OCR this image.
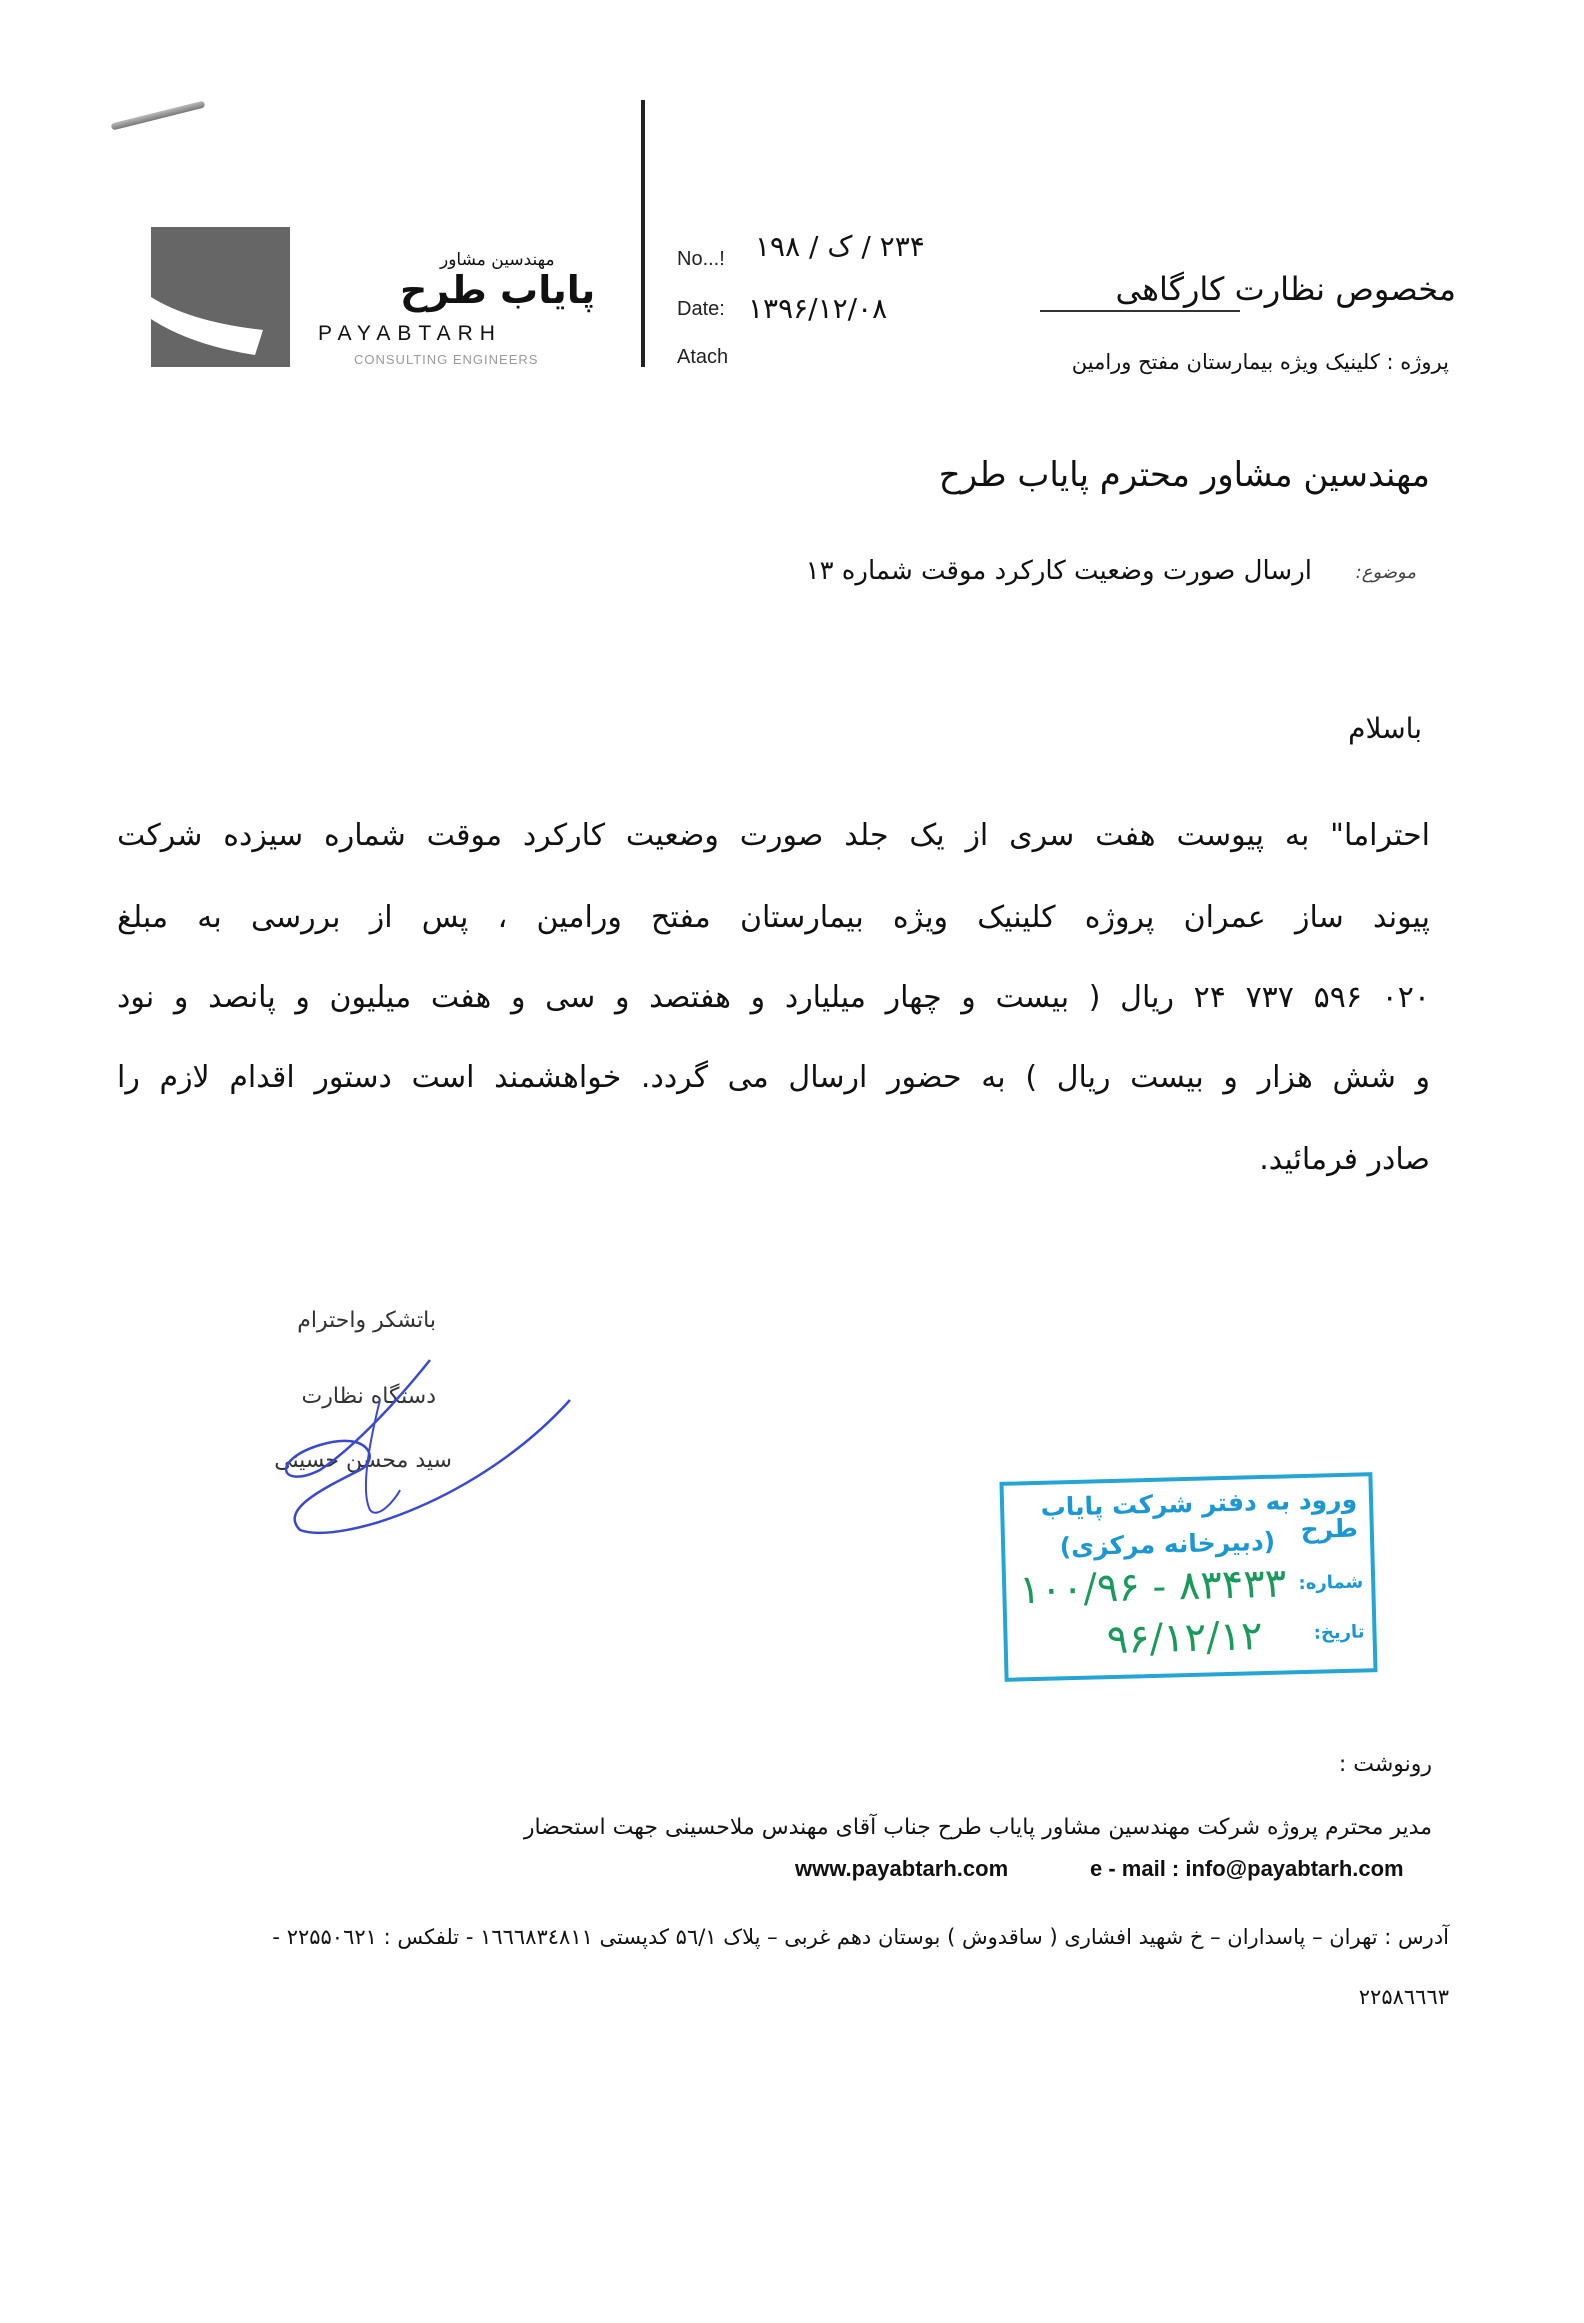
مهندسین مشاور
پایاب طرح
PAYABTARH
CONSULTING ENGINEERS
No...! ۲۳۴ / ک / ۱۹۸
Date: ۱۳۹۶/۱۲/۰۸
Atach
مخصوص نظارت کارگاهی
پروژه : کلینیک ویژه بیمارستان مفتح ورامین
مهندسین مشاور محترم پایاب طرح
موضوع:
ارسال صورت وضعیت کارکرد موقت شماره ۱۳
باسلام
احتراما" به پیوست هفت سری از یک جلد صورت وضعیت کارکرد موقت شماره سیزده شرکت
پیوند ساز عمران پروژه کلینیک ویژه بیمارستان مفتح ورامین ، پس از بررسی به مبلغ
۰۲۰ ۵۹۶ ۷۳۷ ۲۴ ریال ( بیست و چهار میلیارد و هفتصد و سی و هفت میلیون و پانصد و نود
و شش هزار و بیست ریال ) به حضور ارسال می گردد. خواهشمند است دستور اقدام لازم را
صادر فرمائید.
باتشکر واحترام
دستگاه نظارت
سید محسن حسینی
ورود به دفتر شرکت پایاب طرح
(دبیرخانه مرکزی)
شماره:
۸۳۴۳۳ - ۱۰۰/۹۶
تاریخ:
۹۶/۱۲/۱۲
رونوشت :
مدیر محترم پروژه شرکت مهندسین مشاور پایاب طرح جناب آقای مهندس ملاحسینی جهت استحضار
www.payabtarh.com	e - mail : info@payabtarh.com
آدرس : تهران – پاسداران – خ شهید افشاری ( ساقدوش ) بوستان دهم غربی – پلاک ۵٦/۱ کدپستی ۱٦٦٦۸۳٤۸۱۱ - تلفکس : ۲۲۵۵۰٦۲۱ -
۲۲۵۸٦٦٦۳
